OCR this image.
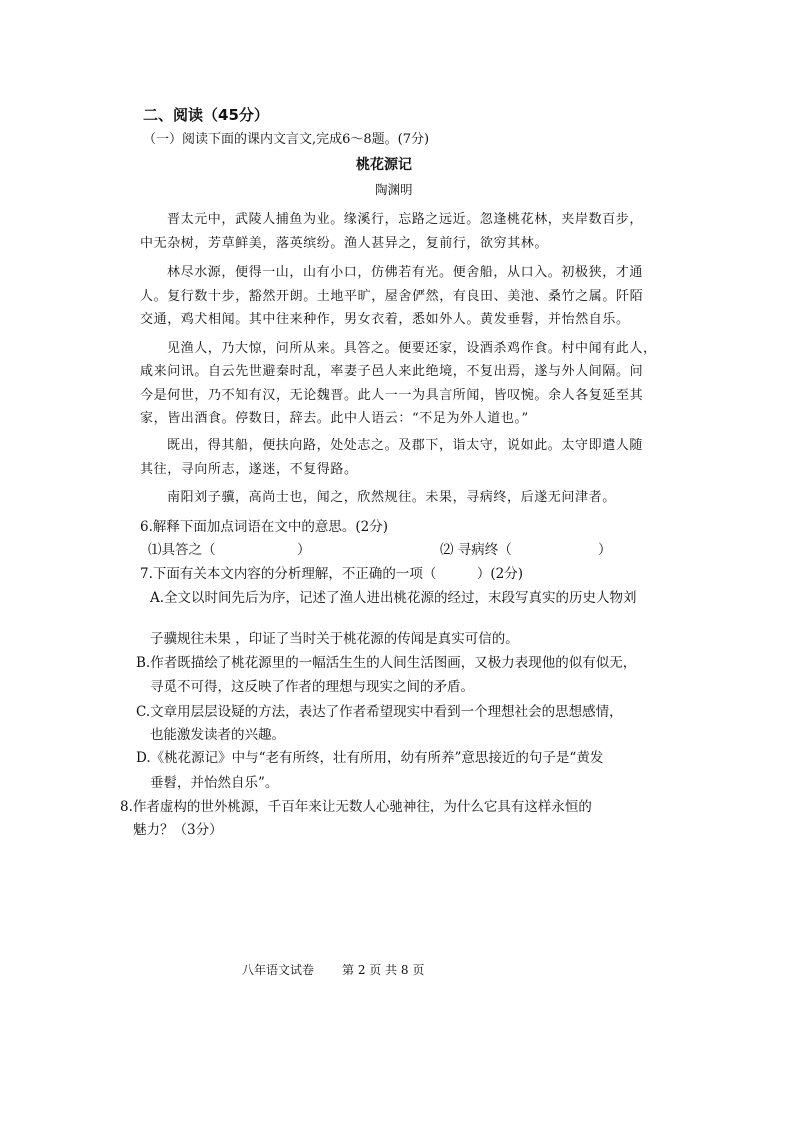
二、阅读（45分）
（一）阅读下面的课内文言文,完成6～8题。(7分)
桃花源记
陶渊明
晋太元中，武陵人捕鱼为业。缘溪行，忘路之远近。忽逢桃花林，夹岸数百步，
中无杂树，芳草鲜美，落英缤纷。渔人甚异之，复前行，欲穷其林。
林尽水源，便得一山，山有小口，仿佛若有光。便舍船，从口入。初极狭，才通
人。复行数十步，豁然开朗。土地平旷，屋舍俨然，有良田、美池、桑竹之属。阡陌
交通，鸡犬相闻。其中往来种作，男女衣着，悉如外人。黄发垂髫，并怡然自乐。
见渔人，乃大惊，问所从来。具答之。便要还家，设酒杀鸡作食。村中闻有此人，
咸来问讯。自云先世避秦时乱，率妻子邑人来此绝境，不复出焉，遂与外人间隔。问
今是何世，乃不知有汉，无论魏晋。此人一一为具言所闻，皆叹惋。余人各复延至其
家，皆出酒食。停数日，辞去。此中人语云：“不足为外人道也。”
既出，得其船，便扶向路，处处志之。及郡下，诣太守，说如此。太守即遣人随
其往，寻向所志，遂迷，不复得路。
南阳刘子骥，高尚士也，闻之，欣然规往。未果，寻病终，后遂无问津者。
6.解释下面加点词语在文中的意思。(2分)
⑴具答之（	）	⑵ 寻病终（	）
7.下面有关本文内容的分析理解，不正确的一项（　　　）(2分)
A.全文以时间先后为序，记述了渔人进出桃花源的经过，末段写真实的历史人物刘
子骥规往未果 ，印证了当时关于桃花源的传闻是真实可信的。
B.作者既描绘了桃花源里的一幅活生生的人间生活图画，又极力表现他的似有似无，
寻觅不可得，这反映了作者的理想与现实之间的矛盾。
C.文章用层层设疑的方法，表达了作者希望现实中看到一个理想社会的思想感情，
也能激发读者的兴趣。
D.《桃花源记》中与“老有所终，壮有所用，幼有所养”意思接近的句子是“黄发
垂髫，并怡然自乐”。
8.作者虚构的世外桃源，千百年来让无数人心驰神往，为什么它具有这样永恒的
魅力？（3分）
八年语文试卷 第 2 页 共 8 页
